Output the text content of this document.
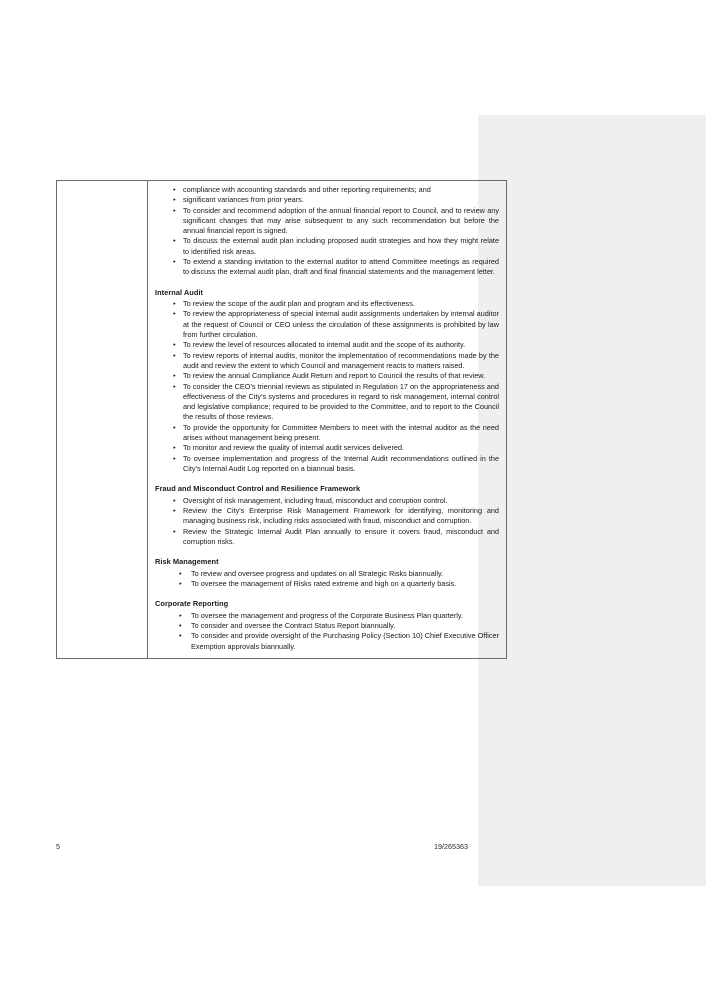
• compliance with accounting standards and other reporting requirements; and
• significant variances from prior years.
• To consider and recommend adoption of the annual financial report to Council, and to review any significant changes that may arise subsequent to any such recommendation but before the annual financial report is signed.
• To discuss the external audit plan including proposed audit strategies and how they might relate to identified risk areas.
• To extend a standing invitation to the external auditor to attend Committee meetings as required to discuss the external audit plan, draft and final financial statements and the management letter.
Internal Audit
• To review the scope of the audit plan and program and its effectiveness.
• To review the appropriateness of special internal audit assignments undertaken by internal auditor at the request of Council or CEO unless the circulation of these assignments is prohibited by law from further circulation.
• To review the level of resources allocated to internal audit and the scope of its authority.
• To review reports of internal audits, monitor the implementation of recommendations made by the audit and review the extent to which Council and management reacts to matters raised.
• To review the annual Compliance Audit Return and report to Council the results of that review.
• To consider the CEO's triennial reviews as stipulated in Regulation 17 on the appropriateness and effectiveness of the City's systems and procedures in regard to risk management, internal control and legislative compliance; required to be provided to the Committee, and to report to the Council the results of those reviews.
• To provide the opportunity for Committee Members to meet with the internal auditor as the need arises without management being present.
• To monitor and review the quality of internal audit services delivered.
• To oversee implementation and progress of the Internal Audit recommendations outlined in the City's Internal Audit Log reported on a biannual basis.
Fraud and Misconduct Control and Resilience Framework
• Oversight of risk management, including fraud, misconduct and corruption control.
• Review the City's Enterprise Risk Management Framework for identifying, monitoring and managing business risk, including risks associated with fraud, misconduct and corruption.
• Review the Strategic Internal Audit Plan annually to ensure it covers fraud, misconduct and corruption risks.
Risk Management
• To review and oversee progress and updates on all Strategic Risks biannually.
• To oversee the management of Risks rated extreme and high on a quarterly basis.
Corporate Reporting
• To oversee the management and progress of the Corporate Business Plan quarterly.
• To consider and oversee the Contract Status Report biannually.
• To consider and provide oversight of the Purchasing Policy (Section 10) Chief Executive Officer Exemption approvals biannually.
5	19/265363
